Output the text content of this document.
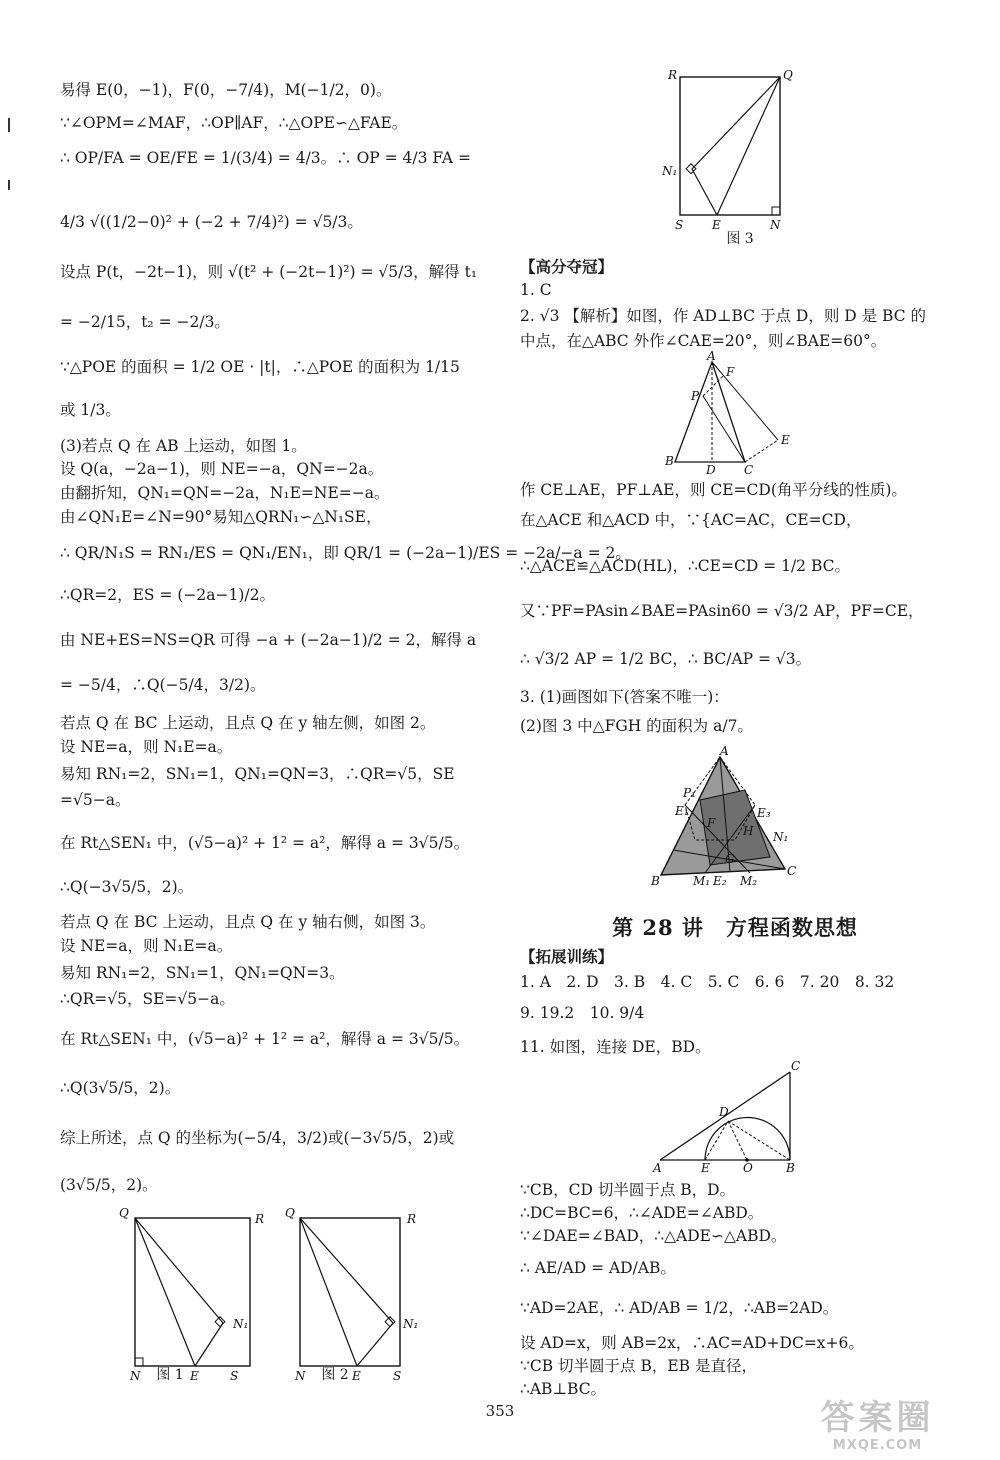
易得 E(0，−1)，F(0，−7/4)，M(−1/2，0)。
∵∠OPM=∠MAF，∴OP∥AF，∴△OPE∽△FAE。
∴ OP/FA = OE/FE = 1/(3/4) = 4/3。∴ OP = 4/3 FA =
4/3 √((1/2−0)² + (−2 + 7/4)²) = √5/3。
设点 P(t，−2t−1)，则 √(t² + (−2t−1)²) = √5/3，解得 t₁
= −2/15，t₂ = −2/3。
∵△POE 的面积 = 1/2 OE · |t|，∴△POE 的面积为 1/15
或 1/3。
(3)若点 Q 在 AB 上运动，如图 1。
设 Q(a，−2a−1)，则 NE=−a，QN=−2a。
由翻折知，QN₁=QN=−2a，N₁E=NE=−a。
由∠QN₁E=∠N=90°易知△QRN₁∽△N₁SE，
∴ QR/N₁S = RN₁/ES = QN₁/EN₁，即 QR/1 = (−2a−1)/ES = −2a/−a = 2。
∴QR=2，ES = (−2a−1)/2。
由 NE+ES=NS=QR 可得 −a + (−2a−1)/2 = 2，解得 a
= −5/4，∴Q(−5/4，3/2)。
若点 Q 在 BC 上运动，且点 Q 在 y 轴左侧，如图 2。
设 NE=a，则 N₁E=a。
易知 RN₁=2，SN₁=1，QN₁=QN=3，∴QR=√5，SE
=√5−a。
在 Rt△SEN₁ 中，(√5−a)² + 1² = a²，解得 a = 3√5/5。
∴Q(−3√5/5，2)。
若点 Q 在 BC 上运动，且点 Q 在 y 轴右侧，如图 3。
设 NE=a，则 N₁E=a。
易知 RN₁=2，SN₁=1，QN₁=QN=3。
∴QR=√5，SE=√5−a。
在 Rt△SEN₁ 中，(√5−a)² + 1² = a²，解得 a = 3√5/5。
∴Q(3√5/5，2)。
综上所述，点 Q 的坐标为(−5/4，3/2)或(−3√5/5，2)或
(3√5/5，2)。
Q	R
N₁
N	E	S
图 1
Q	R
N₁
N	E	S
图 2
R	Q
N₁
S E	N
图 3
【高分夺冠】
1. C
2. √3 【解析】如图，作 AD⊥BC 于点 D，则 D 是 BC 的
中点，在△ABC 外作∠CAE=20°，则∠BAE=60°。
A
F
P
E
B
D C
作 CE⊥AE，PF⊥AE，则 CE=CD(角平分线的性质)。
在△ACE 和△ACD 中，∵{AC=AC，CE=CD，
∴△ACE≌△ACD(HL)，∴CE=CD = 1/2 BC。
又∵PF=PAsin∠BAE=PAsin60 = √3/2 AP，PF=CE，
∴ √3/2 AP = 1/2 BC，∴ BC/AP = √3。
3. (1)画图如下(答案不唯一)：
(2)图 3 中△FGH 的面积为 a/7。
A
P₁
E₁
F
E₃
H N₁
G
B	M₁ E₂ M₂
C
第 28 讲　方程函数思想
【拓展训练】
1. A　2. D　3. B　4. C　5. C　6. 6　7. 20　8. 32
9. 19.2　10. 9/4
11. 如图，连接 DE，BD。
C
D
A	E	O	B
∵CB，CD 切半圆于点 B，D。
∴DC=BC=6，∴∠ADE=∠ABD。
∵∠DAE=∠BAD，∴△ADE∽△ABD。
∴ AE/AD = AD/AB。
∵AD=2AE，∴ AD/AB = 1/2，∴AB=2AD。
设 AD=x，则 AB=2x，∴AC=AD+DC=x+6。
∵CB 切半圆于点 B，EB 是直径，
∴AB⊥BC。
353	答案圈
MXQE.COM
